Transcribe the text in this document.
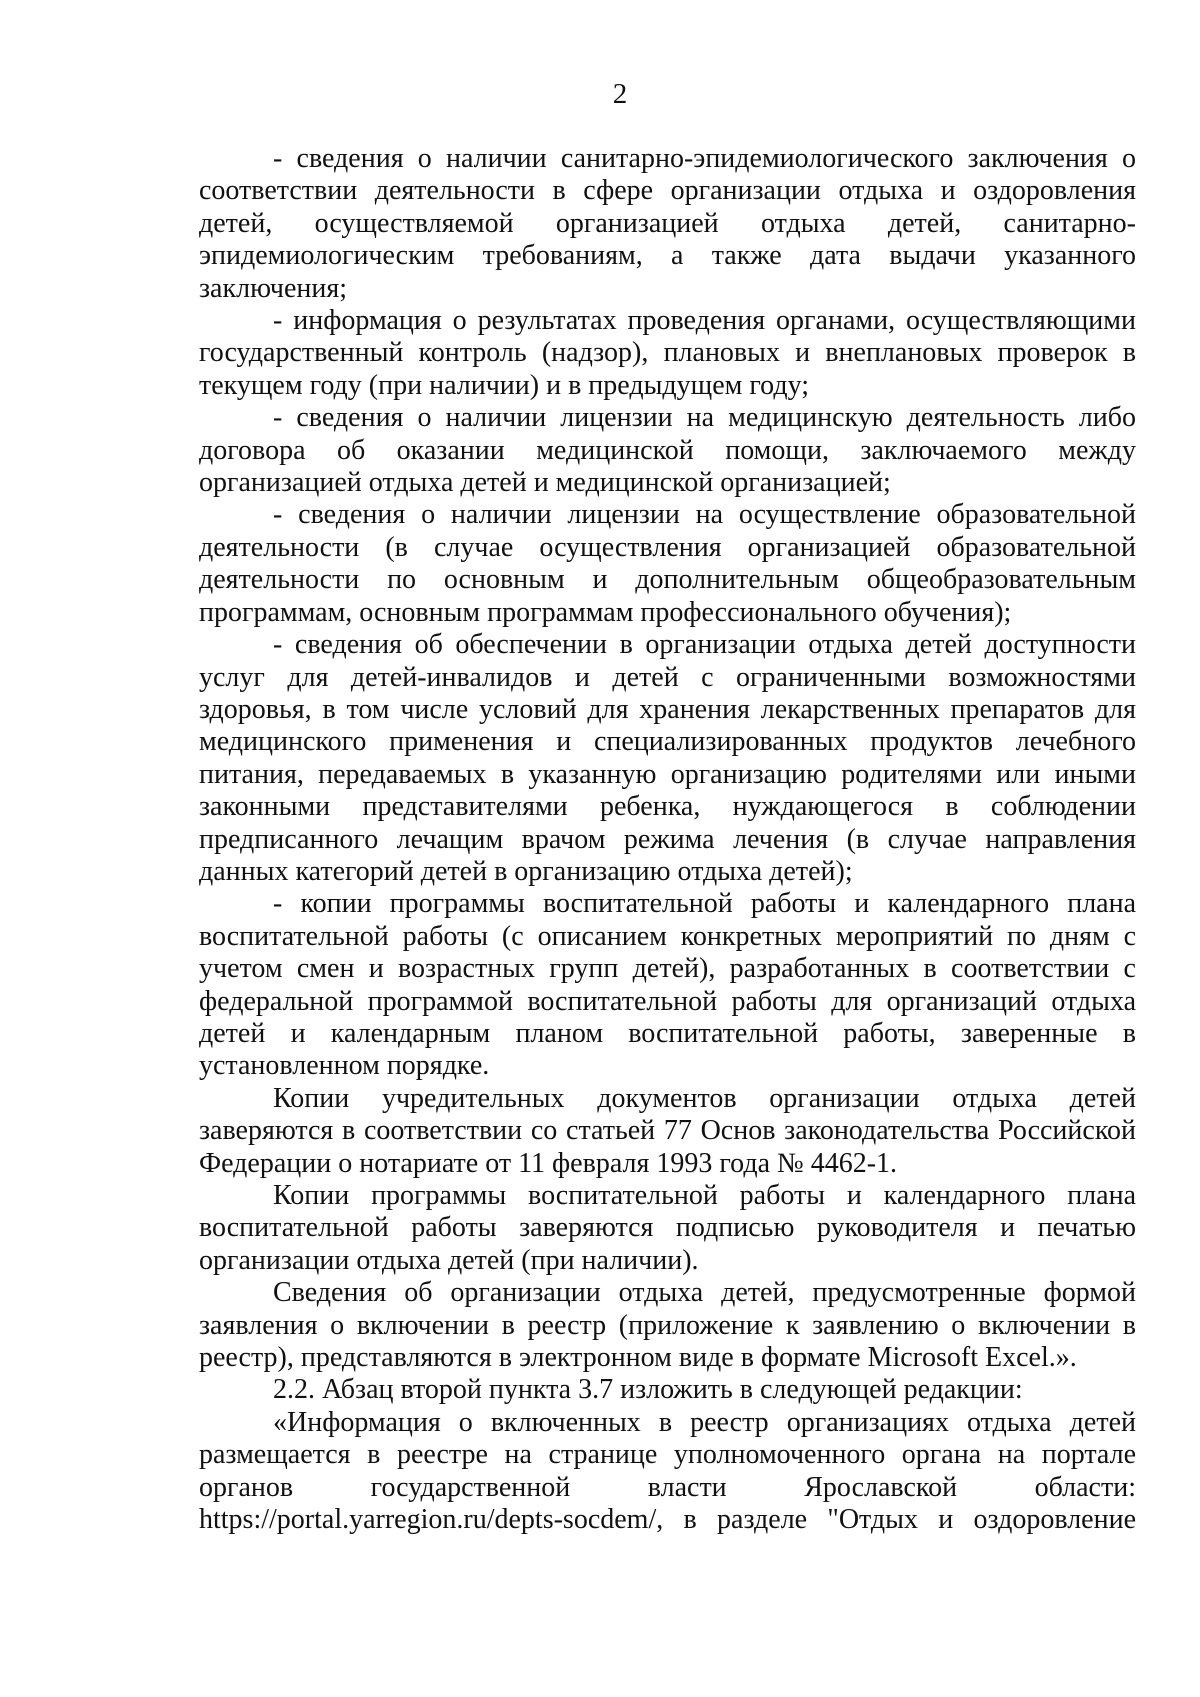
2

- сведения о наличии санитарно-эпидемиологического заключения о соответствии деятельности в сфере организации отдыха и оздоровления детей, осуществляемой организацией отдыха детей, санитарно-эпидемиологическим требованиям, а также дата выдачи указанного заключения;

- информация о результатах проведения органами, осуществляющими государственный контроль (надзор), плановых и внеплановых проверок в текущем году (при наличии) и в предыдущем году;

- сведения о наличии лицензии на медицинскую деятельность либо договора об оказании медицинской помощи, заключаемого между организацией отдыха детей и медицинской организацией;

- сведения о наличии лицензии на осуществление образовательной деятельности (в случае осуществления организацией образовательной деятельности по основным и дополнительным общеобразовательным программам, основным программам профессионального обучения);

- сведения об обеспечении в организации отдыха детей доступности услуг для детей-инвалидов и детей с ограниченными возможностями здоровья, в том числе условий для хранения лекарственных препаратов для медицинского применения и специализированных продуктов лечебного питания, передаваемых в указанную организацию родителями или иными законными представителями ребенка, нуждающегося в соблюдении предписанного лечащим врачом режима лечения (в случае направления данных категорий детей в организацию отдыха детей);

- копии программы воспитательной работы и календарного плана воспитательной работы (с описанием конкретных мероприятий по дням с учетом смен и возрастных групп детей), разработанных в соответствии с федеральной программой воспитательной работы для организаций отдыха детей и календарным планом воспитательной работы, заверенные в установленном порядке.

Копии учредительных документов организации отдыха детей заверяются в соответствии со статьей 77 Основ законодательства Российской Федерации о нотариате от 11 февраля 1993 года № 4462-1.

Копии программы воспитательной работы и календарного плана воспитательной работы заверяются подписью руководителя и печатью организации отдыха детей (при наличии).

Сведения об организации отдыха детей, предусмотренные формой заявления о включении в реестр (приложение к заявлению о включении в реестр), представляются в электронном виде в формате Microsoft Excel.».

2.2. Абзац второй пункта 3.7 изложить в следующей редакции:

«Информация о включенных в реестр организациях отдыха детей размещается в реестре на странице уполномоченного органа на портале органов государственной власти Ярославской области: https://portal.yarregion.ru/depts-socdem/, в разделе "Отдых и оздоровление
